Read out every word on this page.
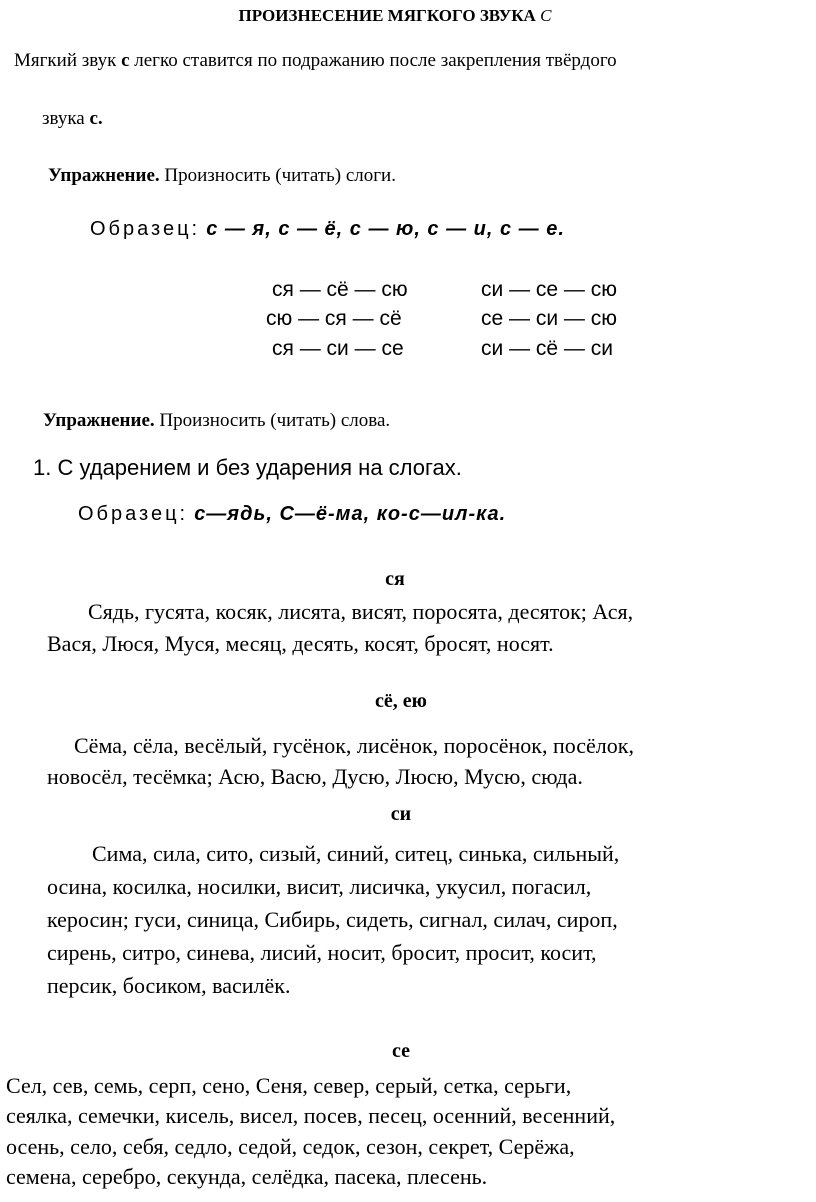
ПРОИЗНЕСЕНИЕ МЯГКОГО ЗВУКА С
Мягкий звук с легко ставится по подражанию после закрепления твёрдого
звука с.
Упражнение. Произносить (читать) слоги.
Образец: с — я, с — ё, с — ю, с — и, с — е.
ся — сё — сю
сю — ся — сё
ся — си — се
си — се — сю
се — си — сю
си — сё — си
Упражнение. Произносить (читать) слова.
1. С ударением и без ударения на слогах.
Образец: с—ядь, С—ё-ма, ко-с—ил-ка.
ся
Сядь, гусята, косяк, лисята, висят, поросята, десяток; Ася,
Вася, Люся, Муся, месяц, десять, косят, бросят, носят.
сё, ею
Сёма, сёла, весёлый, гусёнок, лисёнок, поросёнок, посёлок,
новосёл, тесёмка; Асю, Васю, Дусю, Люсю, Мусю, сюда.
си
Сима, сила, сито, сизый, синий, ситец, синька, сильный,
осина, косилка, носилки, висит, лисичка, укусил, погасил,
керосин; гуси, синица, Сибирь, сидеть, сигнал, силач, сироп,
сирень, ситро, синева, лисий, носит, бросит, просит, косит,
персик, босиком, василёк.
се
Сел, сев, семь, серп, сено, Сеня, север, серый, сетка, серьги,
сеялка, семечки, кисель, висел, посев, песец, осенний, весенний,
осень, село, себя, седло, седой, седок, сезон, секрет, Серёжа,
семена, серебро, секунда, селёдка, пасека, плесень.
